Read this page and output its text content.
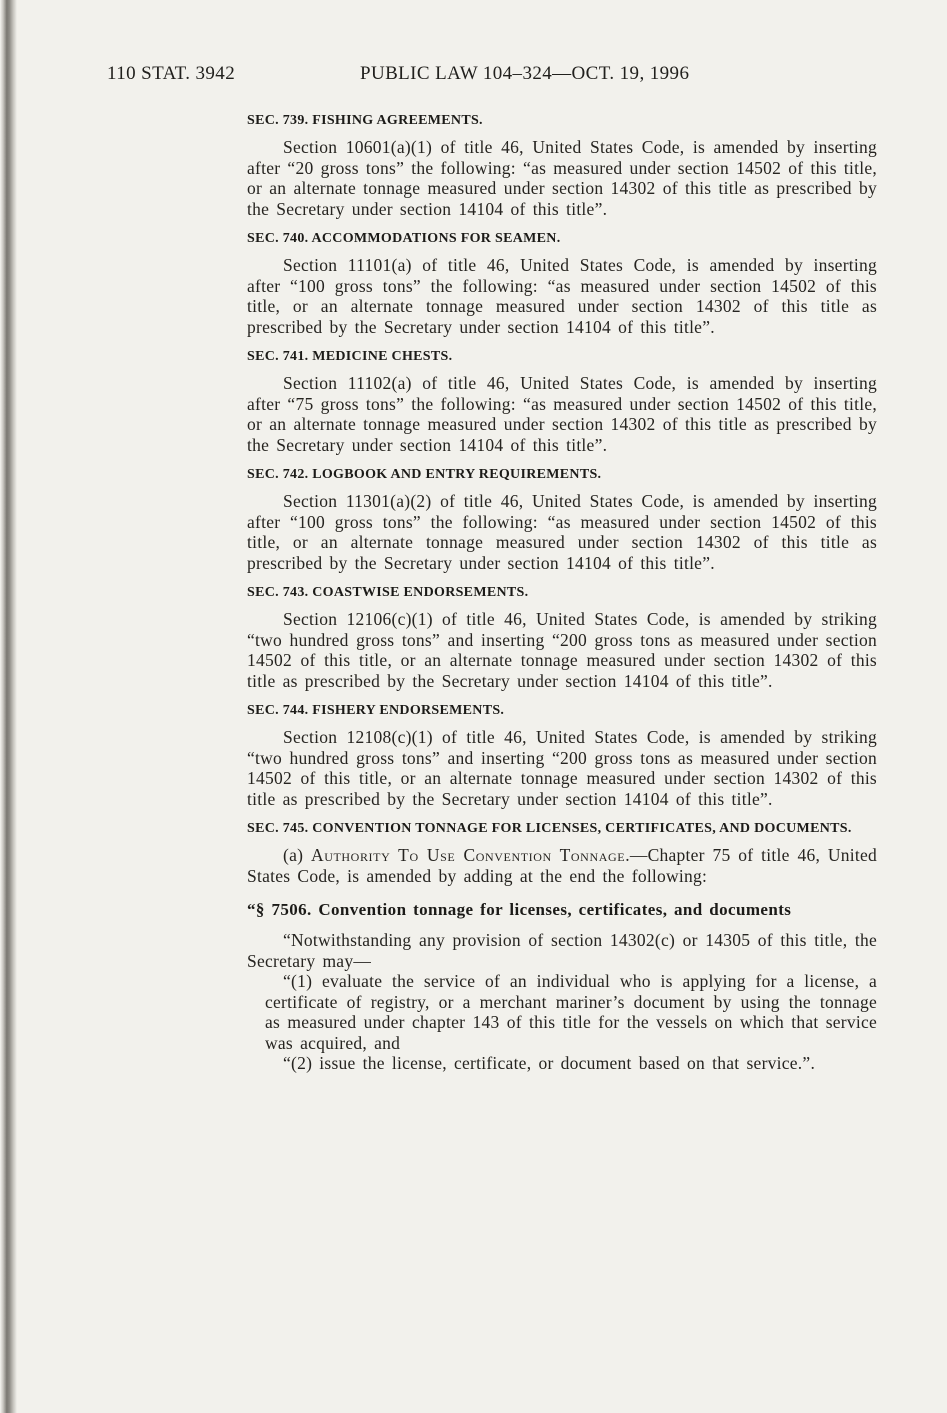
110 STAT. 3942	PUBLIC LAW 104–324—OCT. 19, 1996
SEC. 739. FISHING AGREEMENTS.

Section 10601(a)(1) of title 46, United States Code, is amended by inserting after “20 gross tons” the following: “as measured under section 14502 of this title, or an alternate tonnage measured under section 14302 of this title as prescribed by the Secretary under section 14104 of this title”.

SEC. 740. ACCOMMODATIONS FOR SEAMEN.

Section 11101(a) of title 46, United States Code, is amended by inserting after “100 gross tons” the following: “as measured under section 14502 of this title, or an alternate tonnage measured under section 14302 of this title as prescribed by the Secretary under section 14104 of this title”.

SEC. 741. MEDICINE CHESTS.

Section 11102(a) of title 46, United States Code, is amended by inserting after “75 gross tons” the following: “as measured under section 14502 of this title, or an alternate tonnage measured under section 14302 of this title as prescribed by the Secretary under section 14104 of this title”.

SEC. 742. LOGBOOK AND ENTRY REQUIREMENTS.

Section 11301(a)(2) of title 46, United States Code, is amended by inserting after “100 gross tons” the following: “as measured under section 14502 of this title, or an alternate tonnage measured under section 14302 of this title as prescribed by the Secretary under section 14104 of this title”.

SEC. 743. COASTWISE ENDORSEMENTS.

Section 12106(c)(1) of title 46, United States Code, is amended by striking “two hundred gross tons” and inserting “200 gross tons as measured under section 14502 of this title, or an alternate tonnage measured under section 14302 of this title as prescribed by the Secretary under section 14104 of this title”.

SEC. 744. FISHERY ENDORSEMENTS.

Section 12108(c)(1) of title 46, United States Code, is amended by striking “two hundred gross tons” and inserting “200 gross tons as measured under section 14502 of this title, or an alternate tonnage measured under section 14302 of this title as prescribed by the Secretary under section 14104 of this title”.

SEC. 745. CONVENTION TONNAGE FOR LICENSES, CERTIFICATES, AND DOCUMENTS.

(a) Authority To Use Convention Tonnage.—Chapter 75 of title 46, United States Code, is amended by adding at the end the following:

“§ 7506. Convention tonnage for licenses, certificates, and documents

“Notwithstanding any provision of section 14302(c) or 14305 of this title, the Secretary may—

“(1) evaluate the service of an individual who is applying for a license, a certificate of registry, or a merchant mariner’s document by using the tonnage as measured under chapter 143 of this title for the vessels on which that service was acquired, and

“(2) issue the license, certificate, or document based on that service.”.
